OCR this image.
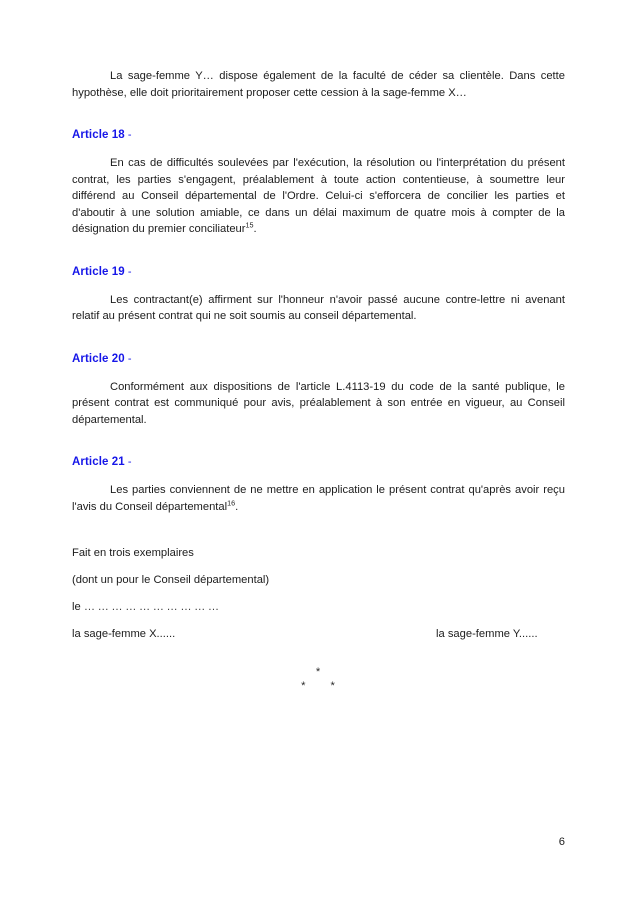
La sage-femme Y… dispose également de la faculté de céder sa clientèle. Dans cette hypothèse, elle doit prioritairement proposer cette cession à la sage-femme X…

Article 18 -

En cas de difficultés soulevées par l'exécution, la résolution ou l'interprétation du présent contrat, les parties s'engagent, préalablement à toute action contentieuse, à soumettre leur différend au Conseil départemental de l'Ordre. Celui-ci s'efforcera de concilier les parties et d'aboutir à une solution amiable, ce dans un délai maximum de quatre mois à compter de la désignation du premier conciliateur$^{15}$.

Article 19 -

Les contractant(e) affirment sur l'honneur n'avoir passé aucune contre-lettre ni avenant relatif au présent contrat qui ne soit soumis au conseil départemental.

Article 20 -

Conformément aux dispositions de l'article L.4113-19 du code de la santé publique, le présent contrat est communiqué pour avis, préalablement à son entrée en vigueur, au Conseil départemental.

Article 21 -

Les parties conviennent de ne mettre en application le présent contrat qu'après avoir reçu l'avis du Conseil départemental$^{16}$.

Fait en trois exemplaires

(dont un pour le Conseil départemental)

le …………………………

la sage-femme X......	la sage-femme Y......

*
* *
6
